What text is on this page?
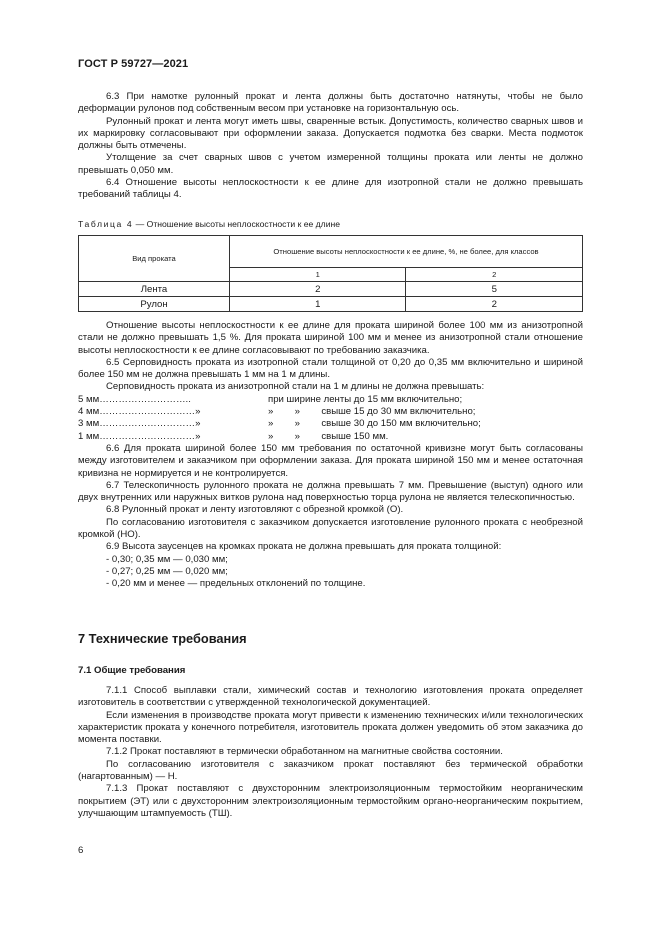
ГОСТ Р 59727—2021

6.3 При намотке рулонный прокат и лента должны быть достаточно натянуты, чтобы не было деформации рулонов под собственным весом при установке на горизонтальную ось.

Рулонный прокат и лента могут иметь швы, сваренные встык. Допустимость, количество сварных швов и их маркировку согласовывают при оформлении заказа. Допускается подмотка без сварки. Места подмоток должны быть отмечены.

Утолщение за счет сварных швов с учетом измеренной толщины проката или ленты не должно превышать 0,050 мм.

6.4 Отношение высоты неплоскостности к ее длине для изотропной стали не должно превышать требований таблицы 4.

Таблица 4 — Отношение высоты неплоскостности к ее длине
Вид проката	Отношение высоты неплоскостности к ее длине, %, не более, для классов	
	1	2
Лента	2	5
Рулон	1	2

Отношение высоты неплоскостности к ее длине для проката шириной более 100 мм из анизотропной стали не должно превышать 1,5 %. Для проката шириной 100 мм и менее из анизотропной стали отношение высоты неплоскостности к ее длине согласовывают по требованию заказчика.

6.5 Серповидность проката из изотропной стали толщиной от 0,20 до 0,35 мм включительно и шириной более 150 мм не должна превышать 1 мм на 1 м длины.

Серповидность проката из анизотропной стали на 1 м длины не должна превышать:

5 мм………………………..	при ширине ленты до 15 мм включительно;
4 мм…………………………»	»        »        свыше 15 до 30 мм включительно;
3 мм…………………………»	»        »        свыше 30 до 150 мм включительно;
1 мм…………………………»	»        »        свыше 150 мм.

6.6 Для проката шириной более 150 мм требования по остаточной кривизне могут быть согласованы между изготовителем и заказчиком при оформлении заказа. Для проката шириной 150 мм и менее остаточная кривизна не нормируется и не контролируется.

6.7 Телескопичность рулонного проката не должна превышать 7 мм. Превышение (выступ) одного или двух внутренних или наружных витков рулона над поверхностью торца рулона не является телескопичностью.

6.8 Рулонный прокат и ленту изготовляют с обрезной кромкой (О).

По согласованию изготовителя с заказчиком допускается изготовление рулонного проката с необрезной кромкой (НО).

6.9 Высота заусенцев на кромках проката не должна превышать для проката толщиной:

- 0,30; 0,35 мм — 0,030 мм;

- 0,27; 0,25 мм — 0,020 мм;

- 0,20 мм и менее — предельных отклонений по толщине.

7 Технические требования
7.1 Общие требования

7.1.1 Способ выплавки стали, химический состав и технологию изготовления проката определяет изготовитель в соответствии с утвержденной технологической документацией.

Если изменения в производстве проката могут привести к изменению технических и/или технологических характеристик проката у конечного потребителя, изготовитель проката должен уведомить об этом заказчика до момента поставки.

7.1.2 Прокат поставляют в термически обработанном на магнитные свойства состоянии.

По согласованию изготовителя с заказчиком прокат поставляют без термической обработки (нагартованным) — Н.

7.1.3 Прокат поставляют с двухсторонним электроизоляционным термостойким неорганическим покрытием (ЭТ) или с двухсторонним электроизоляционным термостойким органо-неорганическим покрытием, улучшающим штампуемость (ТШ).

6
